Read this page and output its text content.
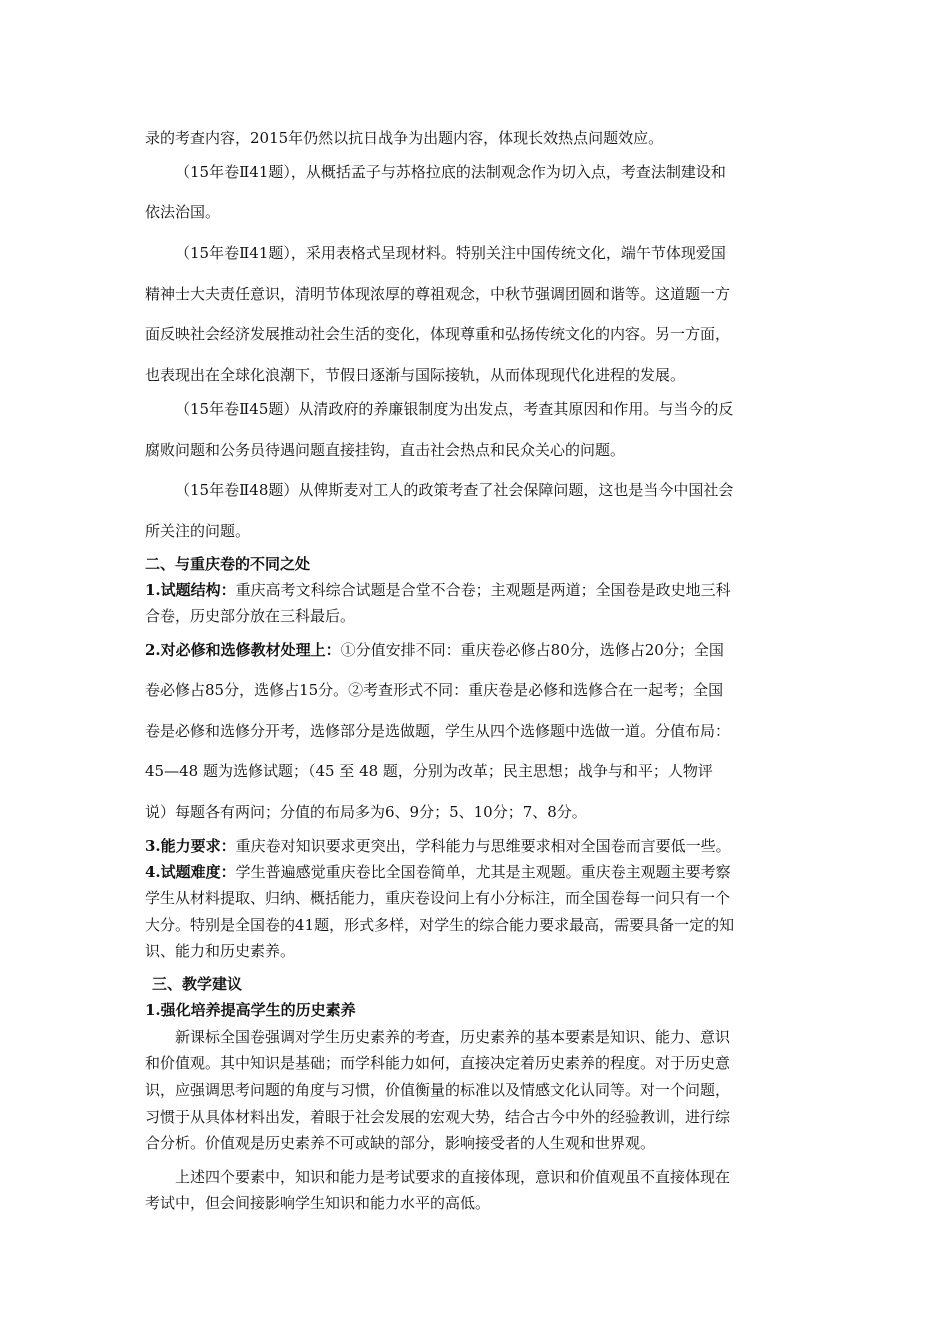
录的考查内容，2015年仍然以抗日战争为出题内容，体现长效热点问题效应。
（15年卷Ⅱ41题），从概括孟子与苏格拉底的法制观念作为切入点，考查法制建设和
依法治国。
（15年卷Ⅱ41题），采用表格式呈现材料。特别关注中国传统文化，端午节体现爱国
精神士大夫责任意识，清明节体现浓厚的尊祖观念，中秋节强调团圆和谐等。这道题一方
面反映社会经济发展推动社会生活的变化，体现尊重和弘扬传统文化的内容。另一方面，
也表现出在全球化浪潮下，节假日逐渐与国际接轨，从而体现现代化进程的发展。
（15年卷Ⅱ45题）从清政府的养廉银制度为出发点，考查其原因和作用。与当今的反
腐败问题和公务员待遇问题直接挂钩，直击社会热点和民众关心的问题。
（15年卷Ⅱ48题）从俾斯麦对工人的政策考查了社会保障问题，这也是当今中国社会
所关注的问题。
二、与重庆卷的不同之处
1.试题结构：重庆高考文科综合试题是合堂不合卷；主观题是两道；全国卷是政史地三科
合卷，历史部分放在三科最后。
2.对必修和选修教材处理上：①分值安排不同：重庆卷必修占80分，选修占20分；全国
卷必修占85分，选修占15分。②考查形式不同：重庆卷是必修和选修合在一起考；全国
卷是必修和选修分开考，选修部分是选做题，学生从四个选修题中选做一道。分值布局：
45—48 题为选修试题；（45 至 48 题，分别为改革；民主思想；战争与和平；人物评
说）每题各有两问；分值的布局多为6、9分；5、10分；7、8分。
3.能力要求：重庆卷对知识要求更突出，学科能力与思维要求相对全国卷而言要低一些。
4.试题难度：学生普遍感觉重庆卷比全国卷简单，尤其是主观题。重庆卷主观题主要考察
学生从材料提取、归纳、概括能力，重庆卷设问上有小分标注，而全国卷每一问只有一个
大分。特别是全国卷的41题，形式多样，对学生的综合能力要求最高，需要具备一定的知
识、能力和历史素养。
三、教学建议
1.强化培养提高学生的历史素养
新课标全国卷强调对学生历史素养的考查，历史素养的基本要素是知识、能力、意识
和价值观。其中知识是基础；而学科能力如何，直接决定着历史素养的程度。对于历史意
识，应强调思考问题的角度与习惯，价值衡量的标准以及情感文化认同等。对一个问题，
习惯于从具体材料出发，着眼于社会发展的宏观大势，结合古今中外的经验教训，进行综
合分析。价值观是历史素养不可或缺的部分，影响接受者的人生观和世界观。
上述四个要素中，知识和能力是考试要求的直接体现，意识和价值观虽不直接体现在
考试中，但会间接影响学生知识和能力水平的高低。
